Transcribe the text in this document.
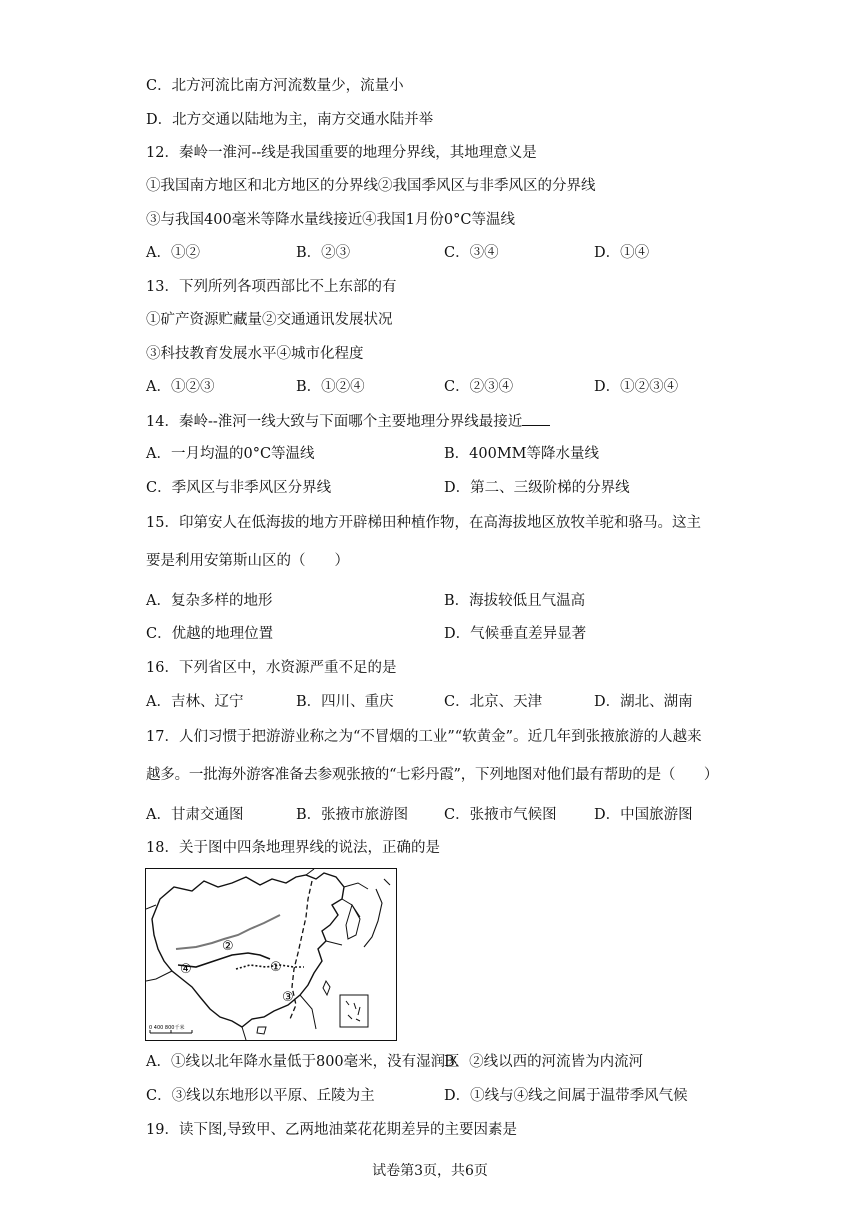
C．北方河流比南方河流数量少，流量小
D．北方交通以陆地为主，南方交通水陆并举
12．秦岭一淮河--线是我国重要的地理分界线，其地理意义是
①我国南方地区和北方地区的分界线②我国季风区与非季风区的分界线
③与我国400毫米等降水量线接近④我国1月份0°C等温线
A．①②	B．②③	C．③④	D．①④
13．下列所列各项西部比不上东部的有
①矿产资源贮藏量②交通通讯发展状况
③科技教育发展水平④城市化程度
A．①②③	B．①②④	C．②③④	D．①②③④
14．秦岭--淮河一线大致与下面哪个主要地理分界线最接近
A．一月均温的0°C等温线	B．400MM等降水量线
C．季风区与非季风区分界线	D．第二、三级阶梯的分界线
15．印第安人在低海拔的地方开辟梯田种植作物，在高海拔地区放牧羊驼和骆马。这主
要是利用安第斯山区的（　　）
A．复杂多样的地形	B．海拔较低且气温高
C．优越的地理位置	D．气候垂直差异显著
16．下列省区中，水资源严重不足的是
A．吉林、辽宁	B．四川、重庆	C．北京、天津	D．湖北、湖南
17．人们习惯于把游游业称之为“不冒烟的工业”“软黄金”。近几年到张掖旅游的人越来
越多。一批海外游客准备去参观张掖的“七彩丹霞”，下列地图对他们最有帮助的是（　　）
A．甘肃交通图	B．张掖市旅游图 C．张掖市气候图	D．中国旅游图
18．关于图中四条地理界线的说法，正确的是
②
①
④
③
0 400 800千米
A．①线以北年降水量低于800毫米，没有湿润区
B．②线以西的河流皆为内流河
C．③线以东地形以平原、丘陵为主	D．①线与④线之间属于温带季风气候
19．读下图,导致甲、乙两地油菜花花期差异的主要因素是
试卷第3页，共6页
